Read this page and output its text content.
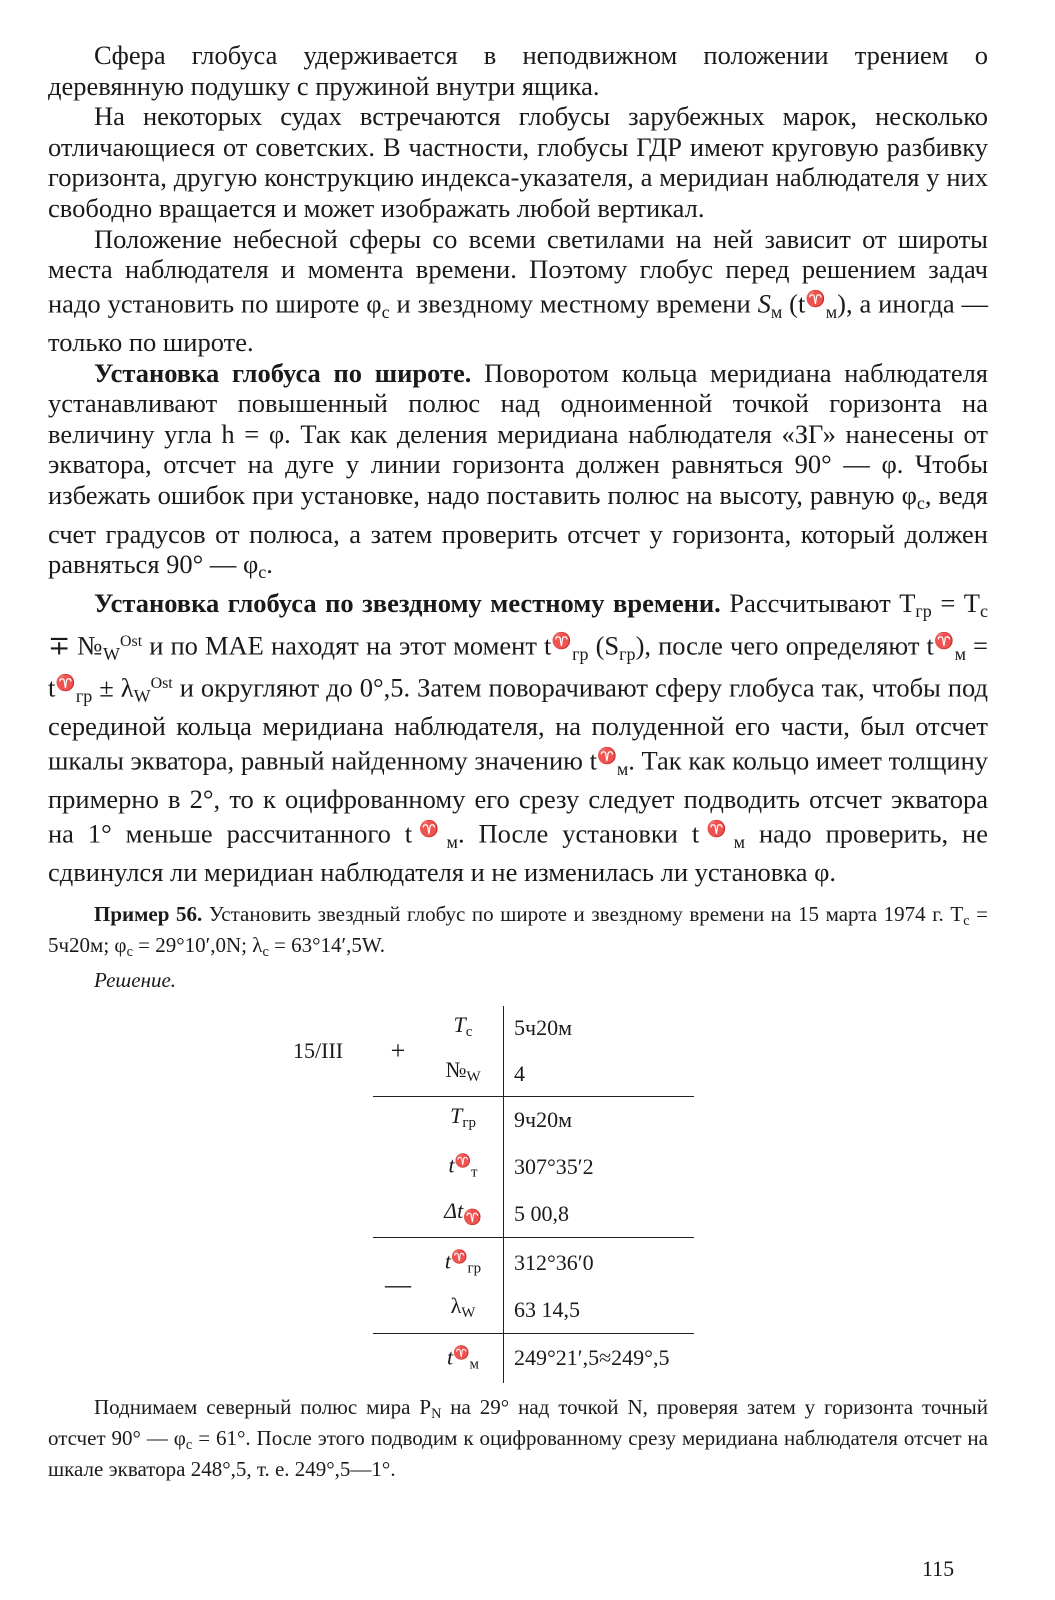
Сфера глобуса удерживается в неподвижном положении трением о деревянную подушку с пружиной внутри ящика.

На некоторых судах встречаются глобусы зарубежных марок, несколько отличающиеся от советских. В частности, глобусы ГДР имеют круговую разбивку горизонта, другую конструкцию индекса-указателя, а меридиан наблюдателя у них свободно вращается и может изображать любой вертикал.

Положение небесной сферы со всеми светилами на ней зависит от широты места наблюдателя и момента времени. Поэтому глобус перед решением задач надо установить по широте $\varphi_c$ и звездному местному времени $S_м$ $(t^♈_м)$, а иногда — только по широте.

Установка глобуса по широте. Поворотом кольца меридиана наблюдателя устанавливают повышенный полюс над одноименной точкой горизонта на величину угла h = φ. Так как деления меридиана наблюдателя «ЗГ» нанесены от экватора, отсчет на дуге у линии горизонта должен равняться 90° — φ. Чтобы избежать ошибок при установке, надо поставить полюс на высоту, равную $\varphi_c$, ведя счет градусов от полюса, а затем проверить отсчет у горизонта, который должен равняться 90° — $\varphi_c$.

Установка глобуса по звездному местному времени. Рассчитывают $T_{гр} = T_c$ ∓ $№_W^{Ost}$ и по МАЕ находят на этот момент $t^♈_{гр}$ $(S_{гр})$, после чего определяют $t^♈_м = t^♈_{гр} \pm \lambda_W^{Ost}$ и округляют до 0°,5. Затем поворачивают сферу глобуса так, чтобы под серединой кольца меридиана наблюдателя, на полуденной его части, был отсчет шкалы экватора, равный найденному значению $t^♈_м$. Так как кольцо имеет толщину примерно в 2°, то к оцифрованному его срезу следует подводить отсчет экватора на 1° меньше рассчитанного $t^♈_м$. После установки $t^♈_м$ надо проверить, не сдвинулся ли меридиан наблюдателя и не изменилась ли установка φ.

Пример 56. Установить звездный глобус по широте и звездному времени на 15 марта 1974 г. $T_c = 5ч20м$; $\varphi_c = 29^\circ 10',0N$; $\lambda_c = 63^\circ 14',5W$.

Решение.

15/III	+	$T_c$	5ч20м
		$№_W$	4
		$T_{гр}$	9ч20м
		$t^♈_т$	307°35′2
		$\Delta t_♈$	5 00,8
	—	$t^♈_{гр}$	312°36′0
		$\lambda_W$	63 14,5
		$t^♈_м$	249°21′,5≈249°,5

Поднимаем северный полюс мира $P_N$ на 29° над точкой N, проверяя затем у горизонта точный отсчет 90° — $\varphi_c = 61^\circ$. После этого подводим к оцифрованному срезу меридиана наблюдателя отсчет на шкале экватора 248°,5, т. е. 249°,5—1°.

115
